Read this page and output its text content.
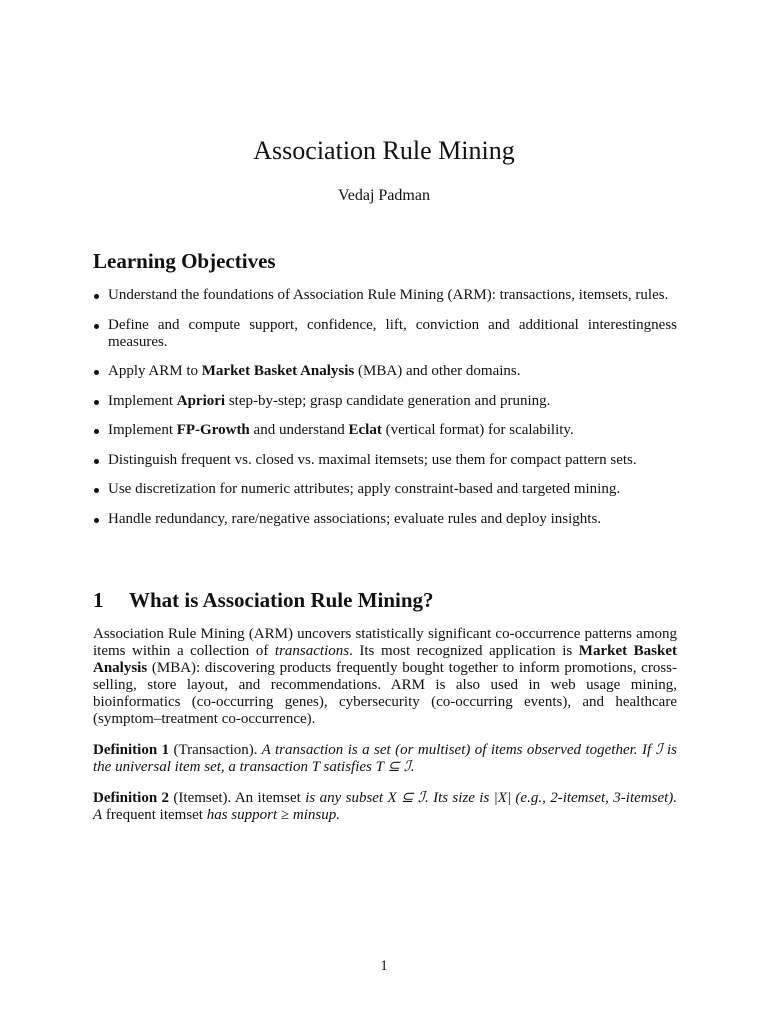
Association Rule Mining
Vedaj Padman
Learning Objectives
Understand the foundations of Association Rule Mining (ARM): transactions, itemsets, rules.
Define and compute support, confidence, lift, conviction and additional interestingness measures.
Apply ARM to Market Basket Analysis (MBA) and other domains.
Implement Apriori step-by-step; grasp candidate generation and pruning.
Implement FP-Growth and understand Eclat (vertical format) for scalability.
Distinguish frequent vs. closed vs. maximal itemsets; use them for compact pattern sets.
Use discretization for numeric attributes; apply constraint-based and targeted mining.
Handle redundancy, rare/negative associations; evaluate rules and deploy insights.
1 What is Association Rule Mining?

Association Rule Mining (ARM) uncovers statistically significant co-occurrence patterns among items within a collection of transactions. Its most recognized application is Market Basket Analysis (MBA): discovering products frequently bought together to inform promotions, cross-selling, store layout, and recommendations. ARM is also used in web usage mining, bioinformatics (co-occurring genes), cybersecurity (co-occurring events), and healthcare (symptom–treatment co-occurrence).

Definition 1 (Transaction). A transaction is a set (or multiset) of items observed together. If ℐ is the universal item set, a transaction T satisfies T ⊆ ℐ.

Definition 2 (Itemset). An itemset is any subset X ⊆ ℐ. Its size is |X| (e.g., 2-itemset, 3-itemset). A frequent itemset has support ≥ minsup.

1
